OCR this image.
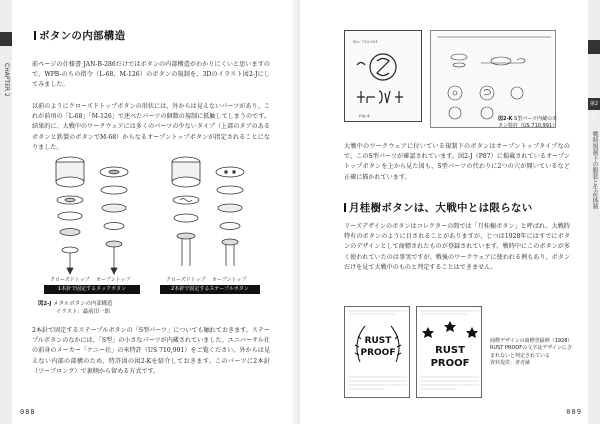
CHAPTER 2
ボタンの内部構造
前ページの仕様書 JAN-B-286だけではボタンの内部構造がわかりにくいと思いますので、WPB-のちの指令（L-68、M-126）のボタンの規制を、3Dのイラスト図2-Jにしてみました。
以前のようにクローズドトップボタンの形状には、外からは見えないパーツがあり、これが前項の「L-68」「M-126」で述べたパーツの個数の規制に抵触してしまうのです。結果的に、大戦中のワークウェアには多くのパーツの少ないタイプ（上部のタブのあるボタンと鉄製のボタンでM-68）からなるオープントップボタンが指定されることになりました。
クローズドトップ オープントップ	クローズドトップ オープントップ
1本針で固定するタックボタン	2本針で固定するステープルボタン
図2-J メタルボタンの内部構造
イラスト：最前田一朗
2本針で固定するステープルボタンの「S型パーツ」についても触れておきます。ステープルボタンのなかには、「S型」の小さなパーツが内蔵されていました。ユニバーサル社の前身のメーカー「ケニー社」の米特許（US 710,991）をご覧ください。外からは見えない内部の部構のため、特許図の図2-Kを紹介しておきます。このパーツに2本針（ツーブロング）で裏側から留める方式です。
088
第2章
戦時規制下の服装と生産体制
No. 710,991
Fig.4.
図2-K S型パーツ内蔵のボタン特許（US 710,991）
大戦中のワークウェアに付いている規制下のボタンはオープントップタイプなので、このS型パーツが確認されています。図2-J（P87）に掲載されているオープントップボタンを上から見た図も、S型パーツの代わりに2つの穴が開いているなど正確に描かれています。
月桂樹ボタンは、大戦中とは限らない
リーズデザインのボタンはコレクターの間では「月桂樹ボタン」と呼ばれ、大戦時特有のボタンのように目されることがありますが、じつは1928年にはすでにボタンのデザインとして商標されたものが登録されています。戦時中にこのボタンが多く使われていたのは事実ですが、戦後のワークウェアに使われる例もあり、ボタンだけを見て大戦中のものと判定することはできません。
RUST
PROOF	RUST
PROOF
商標デザインの商標登録例（1928）
RUST PROOFの文字はデザインに含まれないと判定されている
資料提供：著者蔵
089
